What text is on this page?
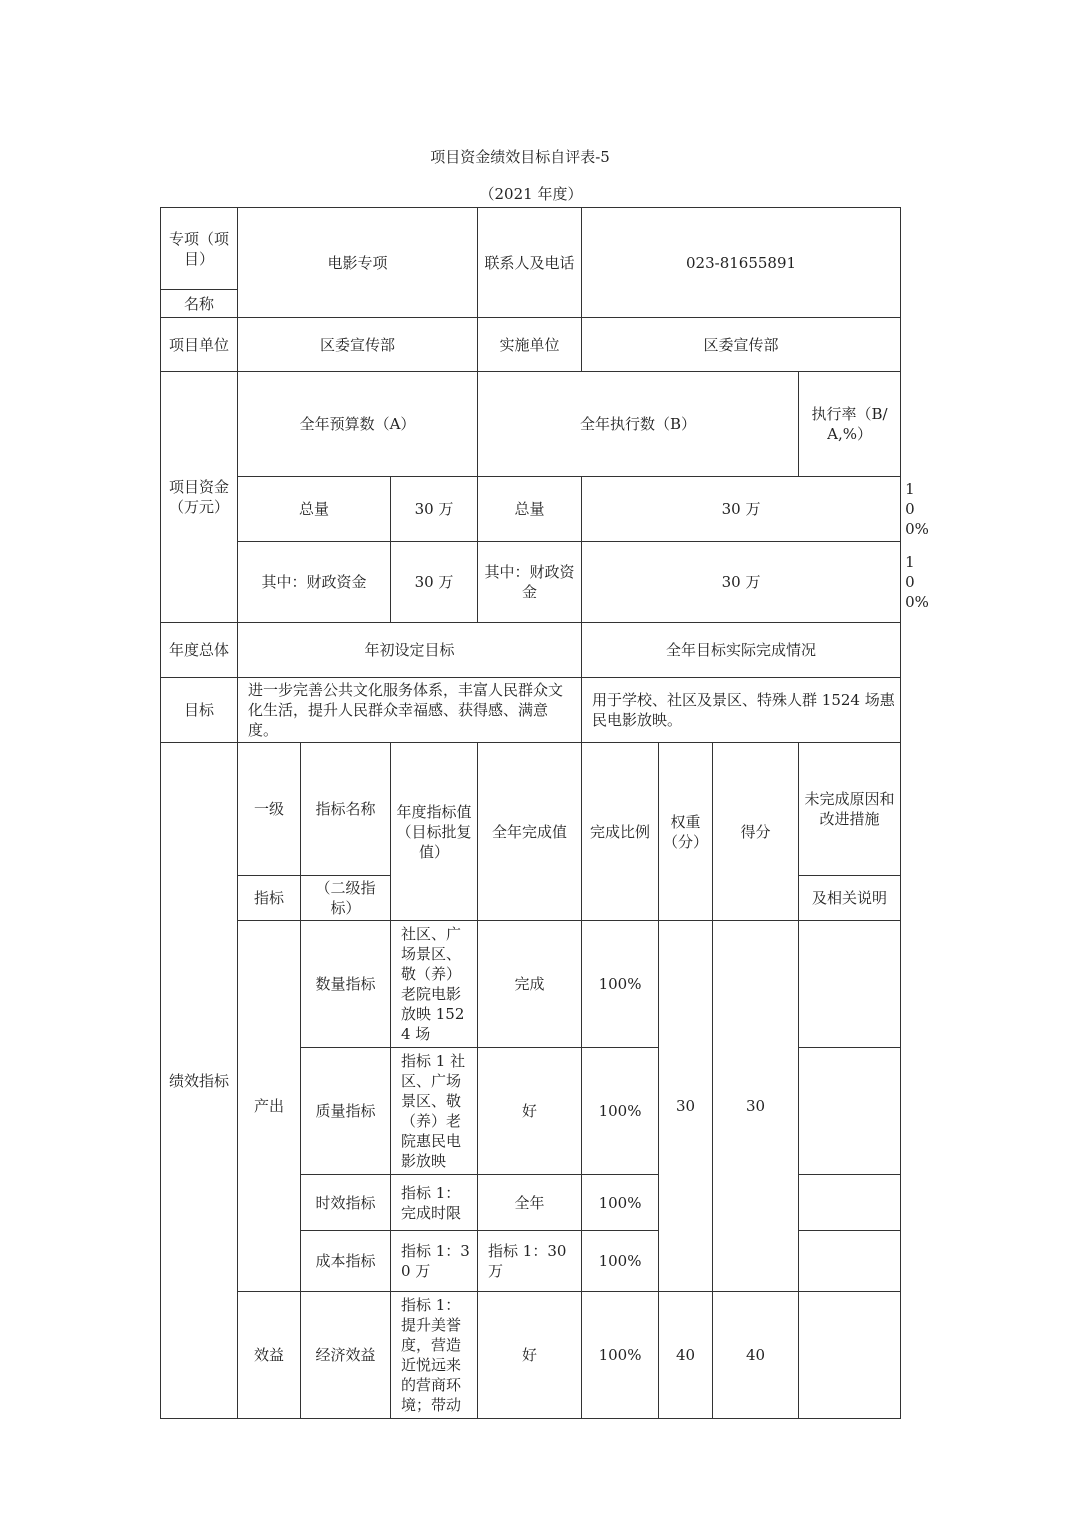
项目资金绩效目标自评表-5
（2021 年度）
专项（项目）	电影专项			联系人及电话	023-81655891				
名称									
项目单位	区委宣传部			实施单位	区委宣传部				
项目资金（万元）	全年预算数（A）			全年执行数（B）				执行率（B/A,%）	
	总量		30 万	总量	30 万				100%
	其中：财政资金		30 万	其中：财政资金	30 万				100%
年度总体	年初设定目标				全年目标实际完成情况				
目标	进一步完善公共文化服务体系，丰富人民群众文化生活，提升人民群众幸福感、获得感、满意度。				用于学校、社区及景区、特殊人群 1524 场惠民电影放映。				
绩效指标	一级	指标名称	年度指标值（目标批复值）	全年完成值	完成比例	权重（分）	得分	未完成原因和改进措施	
	指标	（二级指标）						及相关说明	
	产出	数量指标	社区、广场景区、敬（养）老院电影放映 1524 场	完成	100%	30	30		
		质量指标	指标 1 社区、广场景区、敬（养）老院惠民电影放映	好	100%				
		时效指标	指标 1：完成时限	全年	100%				
		成本指标	指标 1：30 万	指标 1：30 万	100%				
	效益	经济效益	指标 1：提升美誉度，营造近悦远来的营商环境；带动	好	100%	40	40		
